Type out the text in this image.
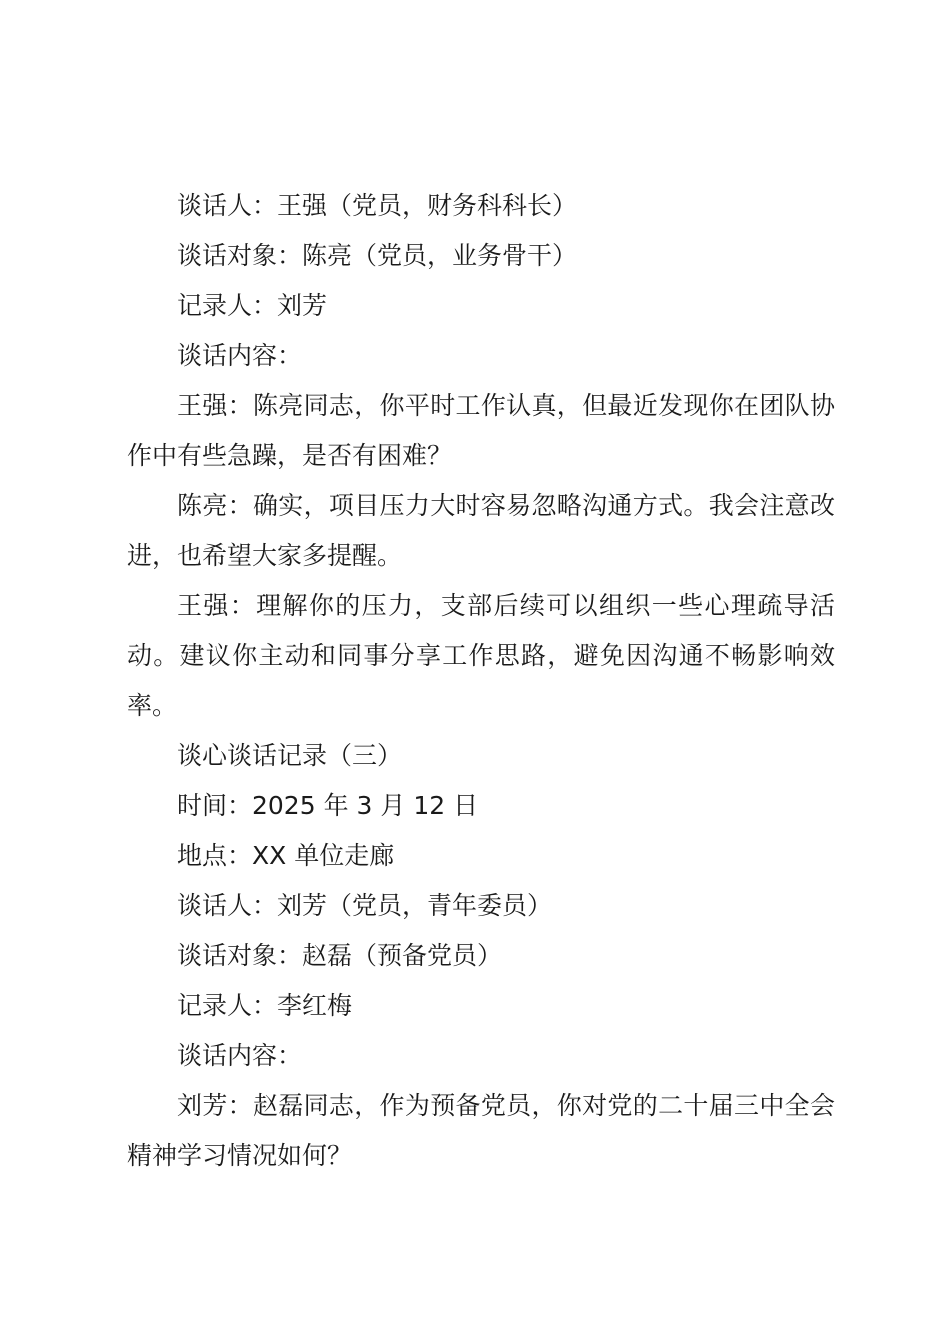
谈话人：王强（党员，财务科科长）

谈话对象：陈亮（党员，业务骨干）

记录人：刘芳

谈话内容：

王强：陈亮同志，你平时工作认真，但最近发现你在团队协作中有些急躁，是否有困难？

陈亮：确实，项目压力大时容易忽略沟通方式。我会注意改进，也希望大家多提醒。

王强：理解你的压力，支部后续可以组织一些心理疏导活动。建议你主动和同事分享工作思路，避免因沟通不畅影响效率。

谈心谈话记录（三）

时间：2025 年 3 月 12 日

地点：XX 单位走廊

谈话人：刘芳（党员，青年委员）

谈话对象：赵磊（预备党员）

记录人：李红梅

谈话内容：

刘芳：赵磊同志，作为预备党员，你对党的二十届三中全会精神学习情况如何？
